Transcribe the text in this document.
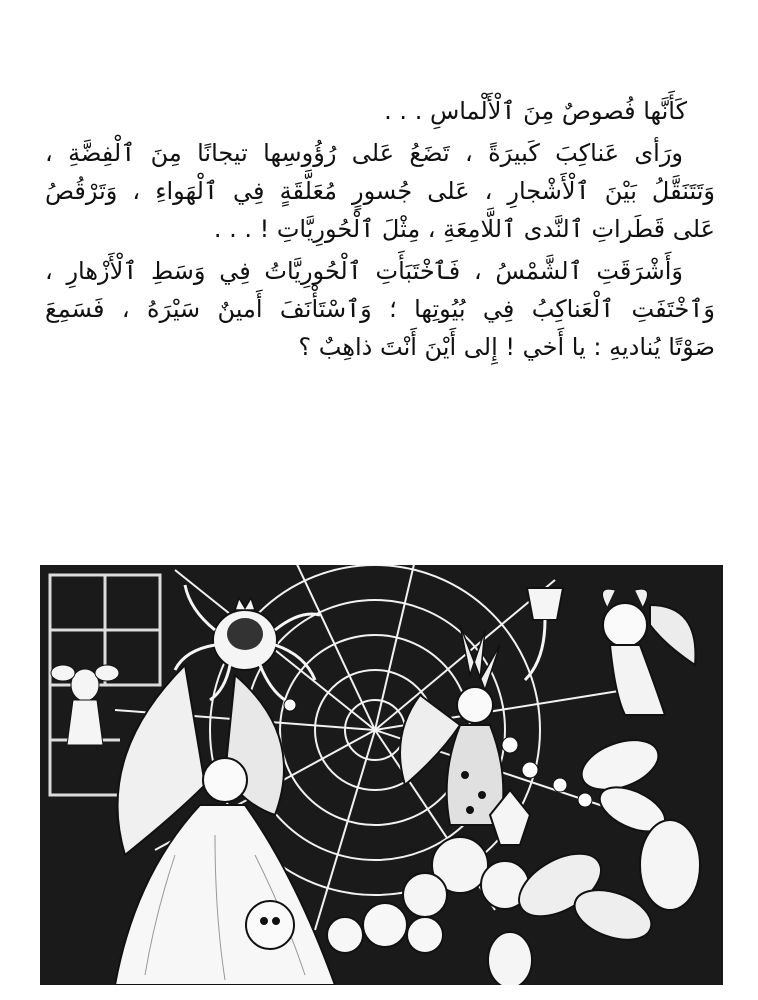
كَأَنَّها فُصوصٌ مِنَ ٱلْأَلْماسِ . . .
ورَأى عَناكِبَ كَبيرَةً ، تَضَعُ عَلى رُؤُوسِها تيجانًا مِنَ ٱلْفِضَّةِ ،
وَتَتَنَقَّلُ بَيْنَ ٱلْأَشْجارِ ، عَلى جُسورٍ مُعَلَّقَةٍ فِي ٱلْهَواءِ ، وَتَرْقُصُ
عَلى قَطَراتِ ٱلنَّدى ٱللَّامِعَةِ ، مِثْلَ ٱلْحُورِيَّاتِ ! . . .
وَأَشْرَقَتِ ٱلشَّمْسُ ، فَٱخْتَبَأَتِ ٱلْحُورِيَّاتُ فِي وَسَطِ ٱلْأَزْهارِ ،
وَٱخْتَفَتِ ٱلْعَناكِبُ فِي بُيُوتِها ؛ وَٱسْتَأْنَفَ أَمينٌ سَيْرَهُ ، فَسَمِعَ
صَوْتًا يُناديهِ : يا أَخي ! إِلى أَيْنَ أَنْتَ ذاهِبٌ ؟
